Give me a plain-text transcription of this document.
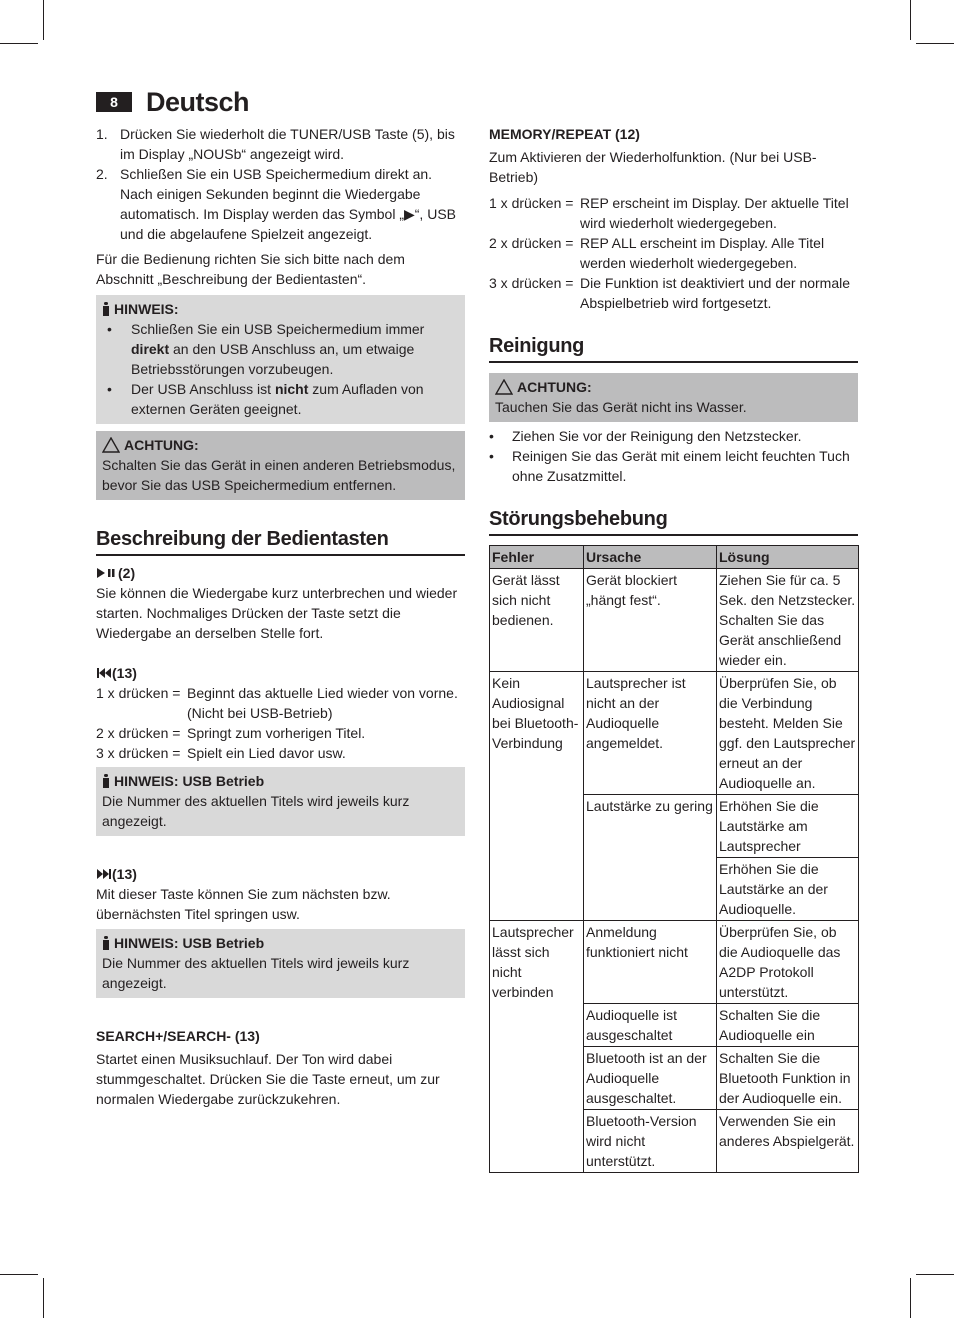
8	Deutsch
1. Drücken Sie wiederholt die TUNER/USB Taste (5), bis im Display „NOUSb“ angezeigt wird.
2. Schließen Sie ein USB Speichermedium direkt an. Nach einigen Sekunden beginnt die Wiedergabe automatisch. Im Display werden das Symbol „▶“, USB und die abgelaufene Spielzeit angezeigt.

Für die Bedienung richten Sie sich bitte nach dem Abschnitt „Beschreibung der Bedientasten“.

HINWEIS:
• Schließen Sie ein USB Speichermedium immer direkt an den USB Anschluss an, um etwaige Betriebsstörungen vorzubeugen.
• Der USB Anschluss ist nicht zum Aufladen von externen Geräten geeignet.
ACHTUNG:

Schalten Sie das Gerät in einen anderen Betriebsmodus, bevor Sie das USB Speichermedium entfernen.

Beschreibung der Bedientasten
(2)

Sie können die Wiedergabe kurz unterbrechen und wieder starten. Nochmaliges Drücken der Taste setzt die Wiedergabe an derselben Stelle fort.

(13)
1 x drücken = Beginnt das aktuelle Lied wieder von vorne. (Nicht bei USB-Betrieb)
2 x drücken = Springt zum vorherigen Titel.
3 x drücken = Spielt ein Lied davor usw.
HINWEIS: USB Betrieb

Die Nummer des aktuellen Titels wird jeweils kurz angezeigt.

(13)

Mit dieser Taste können Sie zum nächsten bzw. übernächsten Titel springen usw.

HINWEIS: USB Betrieb

Die Nummer des aktuellen Titels wird jeweils kurz angezeigt.

SEARCH+/SEARCH- (13)

Startet einen Musiksuchlauf. Der Ton wird dabei stummgeschaltet. Drücken Sie die Taste erneut, um zur normalen Wiedergabe zurückzukehren.

MEMORY/REPEAT (12)

Zum Aktivieren der Wiederholfunktion. (Nur bei USB-Betrieb)

1 x drücken = REP erscheint im Display. Der aktuelle Titel wird wiederholt wiedergegeben.
2 x drücken = REP ALL erscheint im Display. Alle Titel werden wiederholt wiedergegeben.
3 x drücken = Die Funktion ist deaktiviert und der normale Abspielbetrieb wird fortgesetzt.
Reinigung
ACHTUNG:

Tauchen Sie das Gerät nicht ins Wasser.

• Ziehen Sie vor der Reinigung den Netzstecker.
• Reinigen Sie das Gerät mit einem leicht feuchten Tuch ohne Zusatzmittel.
Störungsbehebung
Fehler	Ursache	Lösung
Gerät lässt sich nicht bedienen.	Gerät blockiert „hängt fest“.	Ziehen Sie für ca. 5 Sek. den Netzstecker. Schalten Sie das Gerät anschließend wieder ein.
Kein Audiosignal bei Bluetooth-Verbindung	Lautsprecher ist nicht an der Audioquelle angemeldet.	Überprüfen Sie, ob die Verbindung besteht. Melden Sie ggf. den Lautsprecher erneut an der Audioquelle an.
	Lautstärke zu gering	Erhöhen Sie die Lautstärke am Lautsprecher
		Erhöhen Sie die Lautstärke an der Audioquelle.
Lautsprecher lässt sich nicht verbinden	Anmeldung funktioniert nicht	Überprüfen Sie, ob die Audioquelle das A2DP Protokoll unterstützt.
	Audioquelle ist ausgeschaltet	Schalten Sie die Audioquelle ein
	Bluetooth ist an der Audioquelle ausgeschaltet.	Schalten Sie die Bluetooth Funktion in der Audioquelle ein.
	Bluetooth-Version wird nicht unterstützt.	Verwenden Sie ein anderes Abspielgerät.
